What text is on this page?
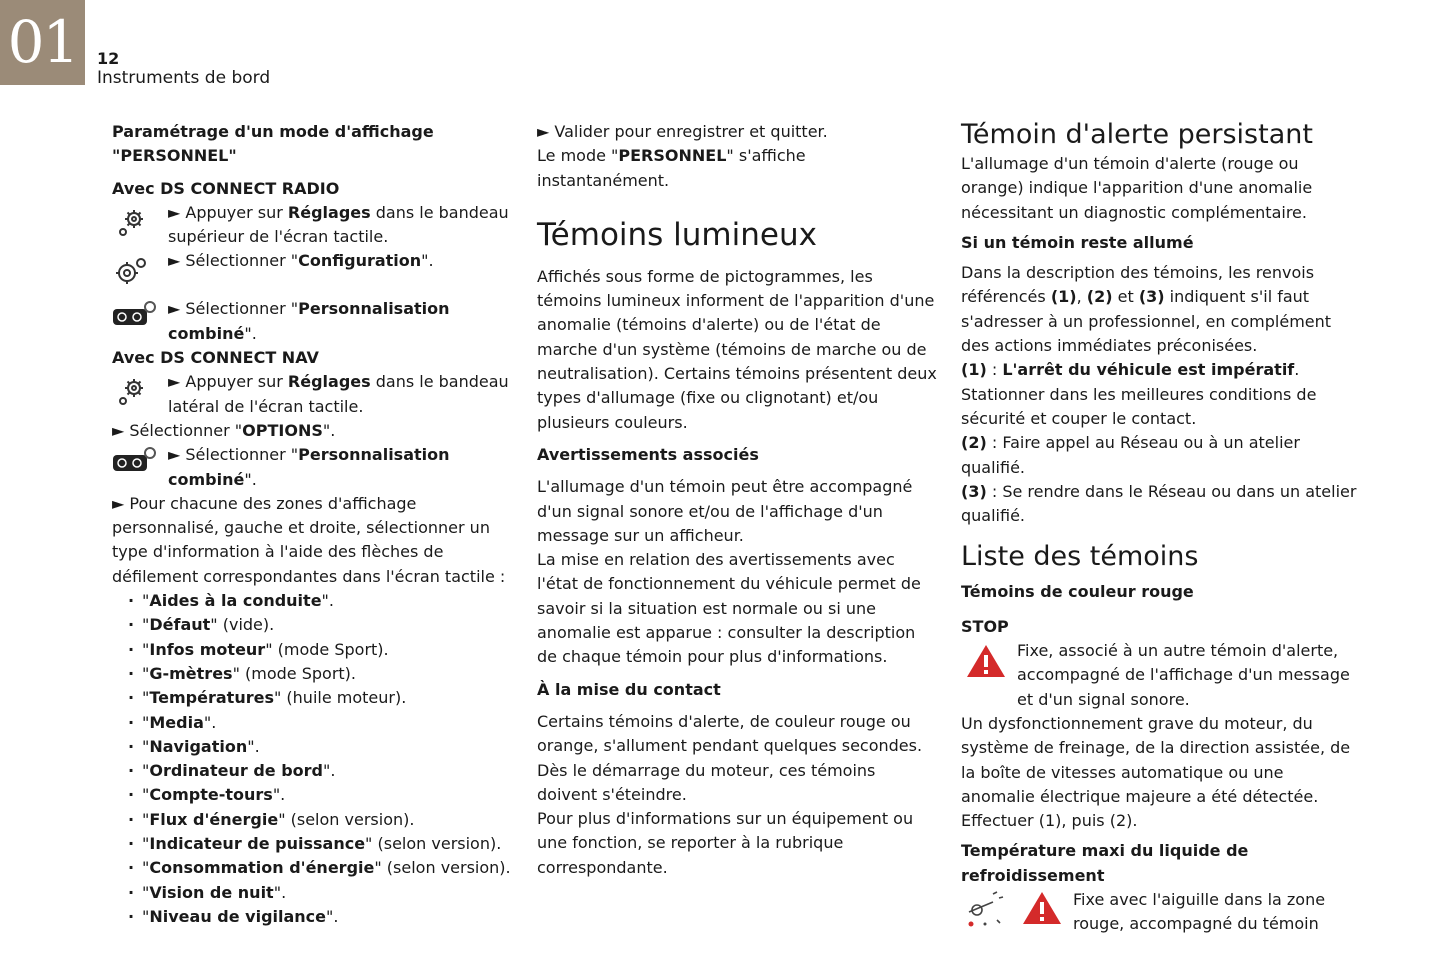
01	12
Instruments de bord

Paramétrage d'un mode d'affichage
"PERSONNEL"

Avec DS CONNECT RADIO

► Appuyer sur Réglages dans le bandeau supérieur de l'écran tactile.
► Sélectionner "Configuration".
► Sélectionner "Personnalisation combiné".

Avec DS CONNECT NAV

► Appuyer sur Réglages dans le bandeau latéral de l'écran tactile.

► Sélectionner "OPTIONS".

► Sélectionner "Personnalisation combiné".

► Pour chacune des zones d'affichage personnalisé, gauche et droite, sélectionner un type d'information à l'aide des flèches de défilement correspondantes dans l'écran tactile :

· "Aides à la conduite".
· "Défaut" (vide).
· "Infos moteur" (mode Sport).
· "G-mètres" (mode Sport).
· "Températures" (huile moteur).
· "Media".
· "Navigation".
· "Ordinateur de bord".
· "Compte-tours".
· "Flux d'énergie" (selon version).
· "Indicateur de puissance" (selon version).
· "Consommation d'énergie" (selon version).
· "Vision de nuit".
· "Niveau de vigilance".

► Valider pour enregistrer et quitter.

Le mode "PERSONNEL" s'affiche instantanément.

Témoins lumineux

Affichés sous forme de pictogrammes, les témoins lumineux informent de l'apparition d'une anomalie (témoins d'alerte) ou de l'état de marche d'un système (témoins de marche ou de neutralisation). Certains témoins présentent deux types d'allumage (fixe ou clignotant) et/ou plusieurs couleurs.

Avertissements associés

L'allumage d'un témoin peut être accompagné d'un signal sonore et/ou de l'affichage d'un message sur un afficheur.

La mise en relation des avertissements avec l'état de fonctionnement du véhicule permet de savoir si la situation est normale ou si une anomalie est apparue : consulter la description de chaque témoin pour plus d'informations.

À la mise du contact

Certains témoins d'alerte, de couleur rouge ou orange, s'allument pendant quelques secondes. Dès le démarrage du moteur, ces témoins doivent s'éteindre.

Pour plus d'informations sur un équipement ou une fonction, se reporter à la rubrique correspondante.

Témoin d'alerte persistant

L'allumage d'un témoin d'alerte (rouge ou orange) indique l'apparition d'une anomalie nécessitant un diagnostic complémentaire.

Si un témoin reste allumé

Dans la description des témoins, les renvois référencés (1), (2) et (3) indiquent s'il faut s'adresser à un professionnel, en complément des actions immédiates préconisées.

(1) : L'arrêt du véhicule est impératif.

Stationner dans les meilleures conditions de sécurité et couper le contact.

(2) : Faire appel au Réseau ou à un atelier qualifié.

(3) : Se rendre dans le Réseau ou dans un atelier qualifié.

Liste des témoins

Témoins de couleur rouge

STOP

Fixe, associé à un autre témoin d'alerte, accompagné de l'affichage d'un message et d'un signal sonore.

Un dysfonctionnement grave du moteur, du système de freinage, de la direction assistée, de la boîte de vitesses automatique ou une anomalie électrique majeure a été détectée.

Effectuer (1), puis (2).

Température maxi du liquide de refroidissement

Fixe avec l'aiguille dans la zone rouge, accompagné du témoin
